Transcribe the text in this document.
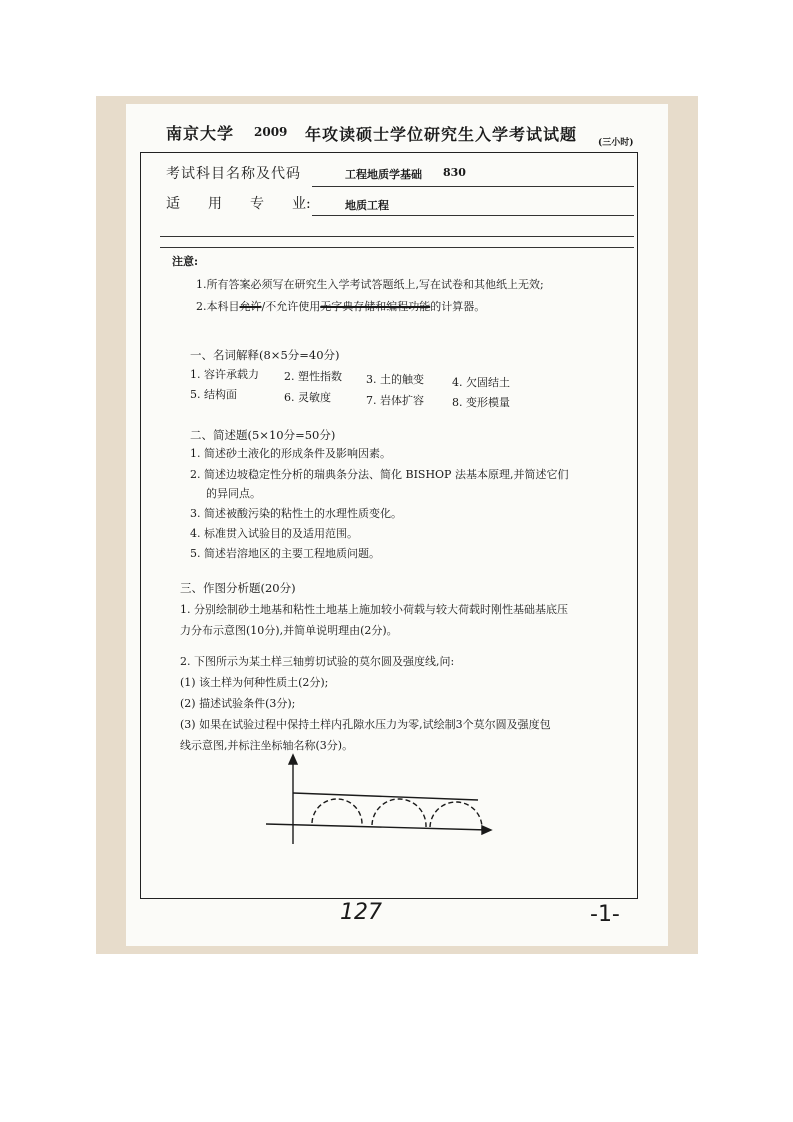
南京大学 2009 年攻读硕士学位研究生入学考试试题 (三小时)
考试科目名称及代码	工程地质学基础 830
适 用 专 业:	地质工程
注意:
1.所有答案必须写在研究生入学考试答题纸上,写在试卷和其他纸上无效;
2.本科目允许/不允许使用无字典存储和编程功能的计算器。
一、名词解释(8×5分=40分)
1. 容许承载力 2. 塑性指数 3. 土的触变	4. 欠固结土
5. 结构面	6. 灵敏度	7. 岩体扩容	8. 变形模量
二、简述题(5×10分=50分)
1. 简述砂土液化的形成条件及影响因素。
2. 简述边坡稳定性分析的瑞典条分法、简化 BISHOP 法基本原理,并简述它们
的异同点。
3. 简述被酸污染的粘性土的水理性质变化。
4. 标准贯入试验目的及适用范围。
5. 简述岩溶地区的主要工程地质问题。
三、作图分析题(20分)
1. 分别绘制砂土地基和粘性土地基上施加较小荷载与较大荷载时刚性基础基底压
力分布示意图(10分),并简单说明理由(2分)。
2. 下图所示为某土样三轴剪切试验的莫尔圆及强度线,问:
(1) 该土样为何种性质土(2分);
(2) 描述试验条件(3分);
(3) 如果在试验过程中保持土样内孔隙水压力为零,试绘制3个莫尔圆及强度包
线示意图,并标注坐标轴名称(3分)。
127	-1-
